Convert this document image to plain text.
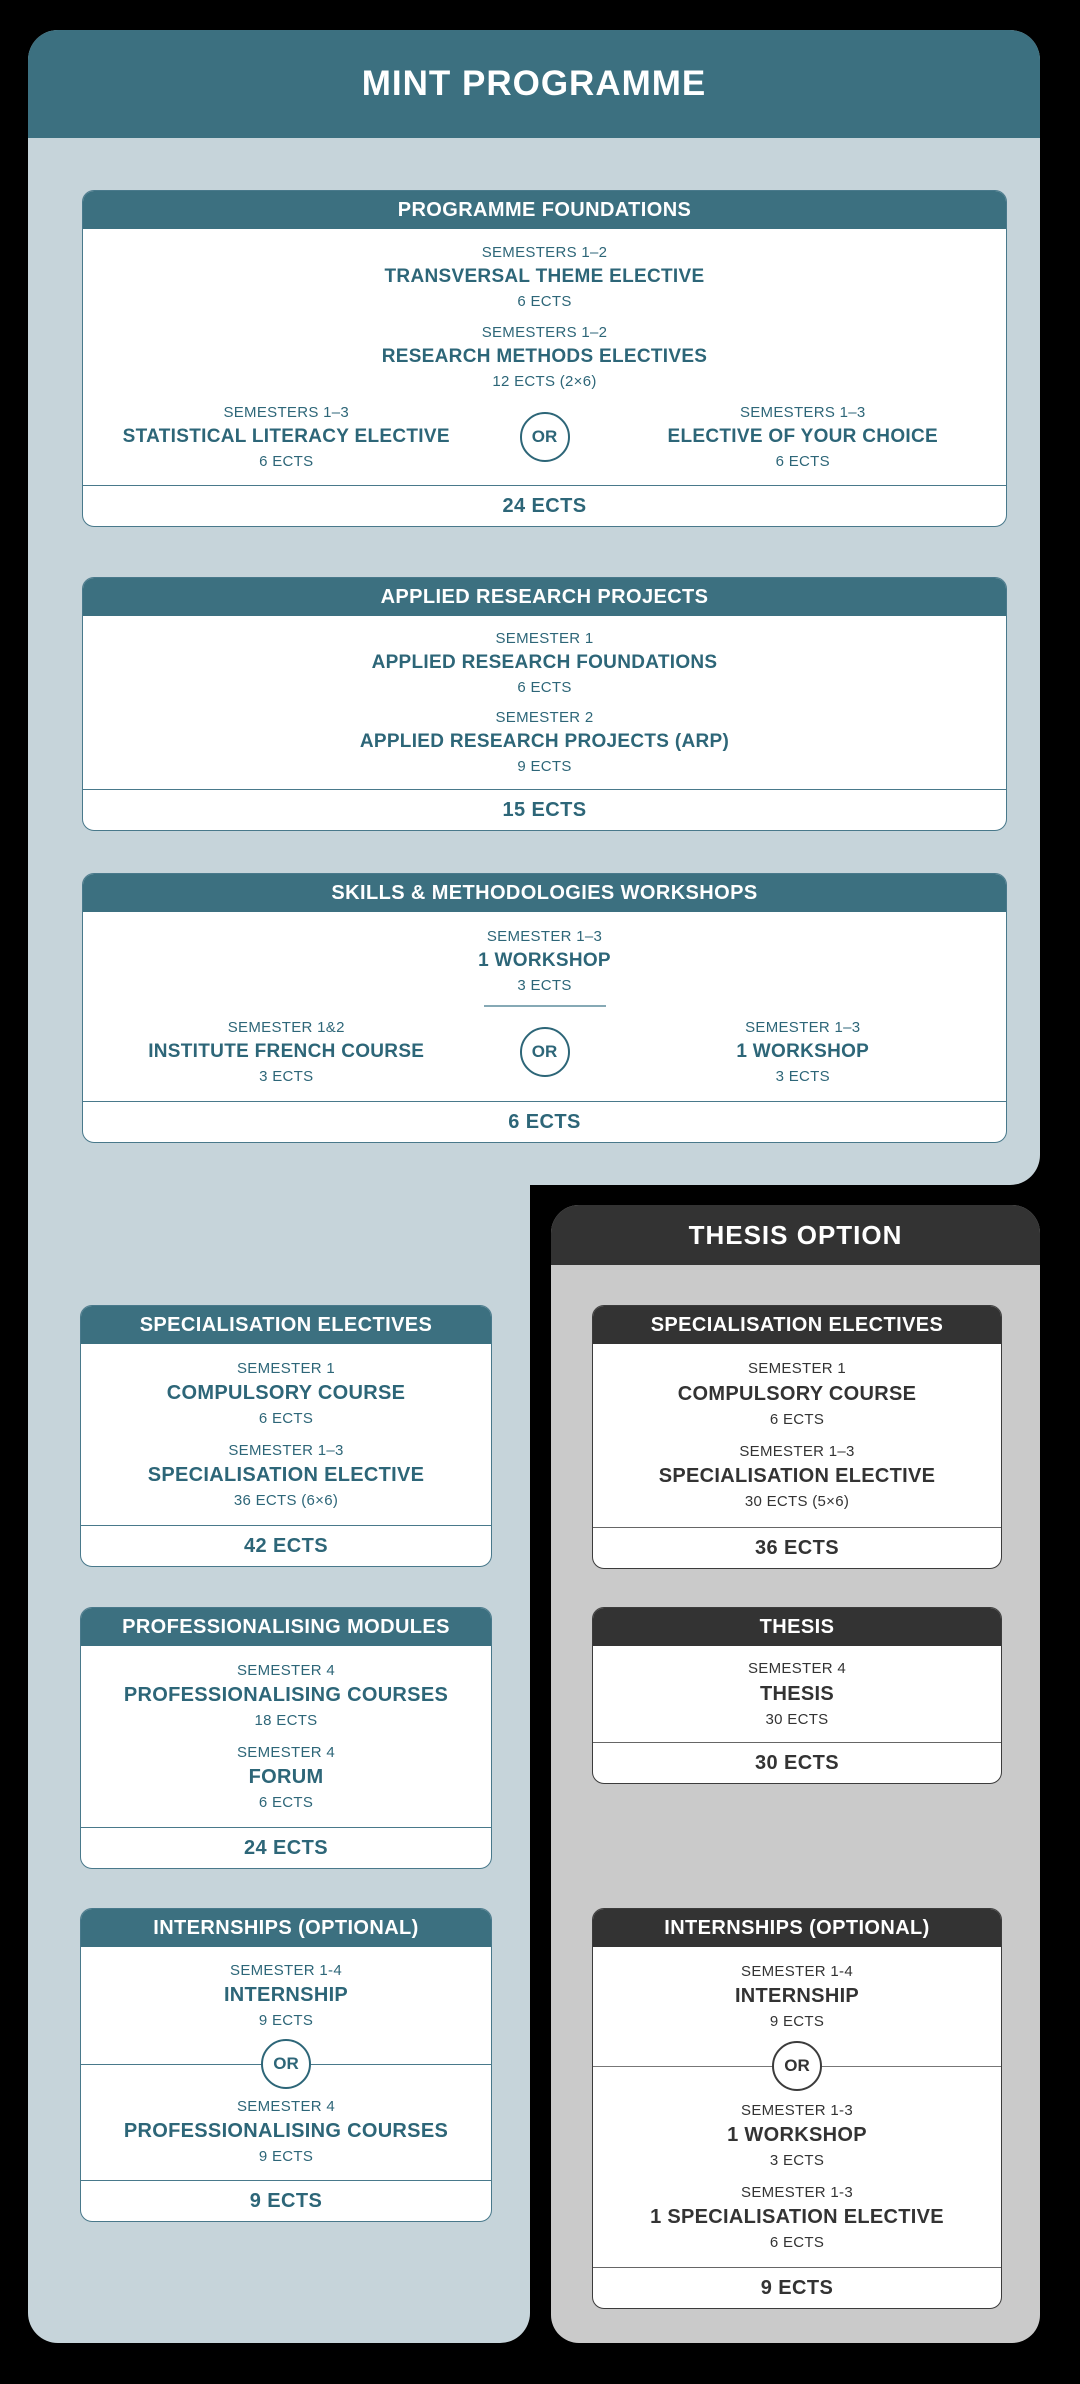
MINT PROGRAMME
THESIS OPTION
PROGRAMME FOUNDATIONS
SEMESTERS 1–2
TRANSVERSAL THEME ELECTIVE
6 ECTS
SEMESTERS 1–2
RESEARCH METHODS ELECTIVES
12 ECTS (2×6)
SEMESTERS 1–3
STATISTICAL LITERACY ELECTIVE
6 ECTS
OR
SEMESTERS 1–3
ELECTIVE OF YOUR CHOICE
6 ECTS
24 ECTS
APPLIED RESEARCH PROJECTS
SEMESTER 1
APPLIED RESEARCH FOUNDATIONS
6 ECTS
SEMESTER 2
APPLIED RESEARCH PROJECTS (ARP)
9 ECTS
15 ECTS
SKILLS & METHODOLOGIES WORKSHOPS
SEMESTER 1–3
1 WORKSHOP
3 ECTS
SEMESTER 1&2
INSTITUTE FRENCH COURSE
3 ECTS
OR
SEMESTER 1–3
1 WORKSHOP
3 ECTS
6 ECTS
SPECIALISATION ELECTIVES
SEMESTER 1
COMPULSORY COURSE
6 ECTS
SEMESTER 1–3
SPECIALISATION ELECTIVE
36 ECTS (6×6)
42 ECTS
PROFESSIONALISING MODULES
SEMESTER 4
PROFESSIONALISING COURSES
18 ECTS
SEMESTER 4
FORUM
6 ECTS
24 ECTS
INTERNSHIPS (OPTIONAL)
SEMESTER 1-4
INTERNSHIP
9 ECTS
OR
SEMESTER 4
PROFESSIONALISING COURSES
9 ECTS
9 ECTS
SPECIALISATION ELECTIVES
SEMESTER 1
COMPULSORY COURSE
6 ECTS
SEMESTER 1–3
SPECIALISATION ELECTIVE
30 ECTS (5×6)
36 ECTS
THESIS
SEMESTER 4
THESIS
30 ECTS
30 ECTS
INTERNSHIPS (OPTIONAL)
SEMESTER 1-4
INTERNSHIP
9 ECTS
OR
SEMESTER 1-3
1 WORKSHOP
3 ECTS
SEMESTER 1-3
1 SPECIALISATION ELECTIVE
6 ECTS
9 ECTS
